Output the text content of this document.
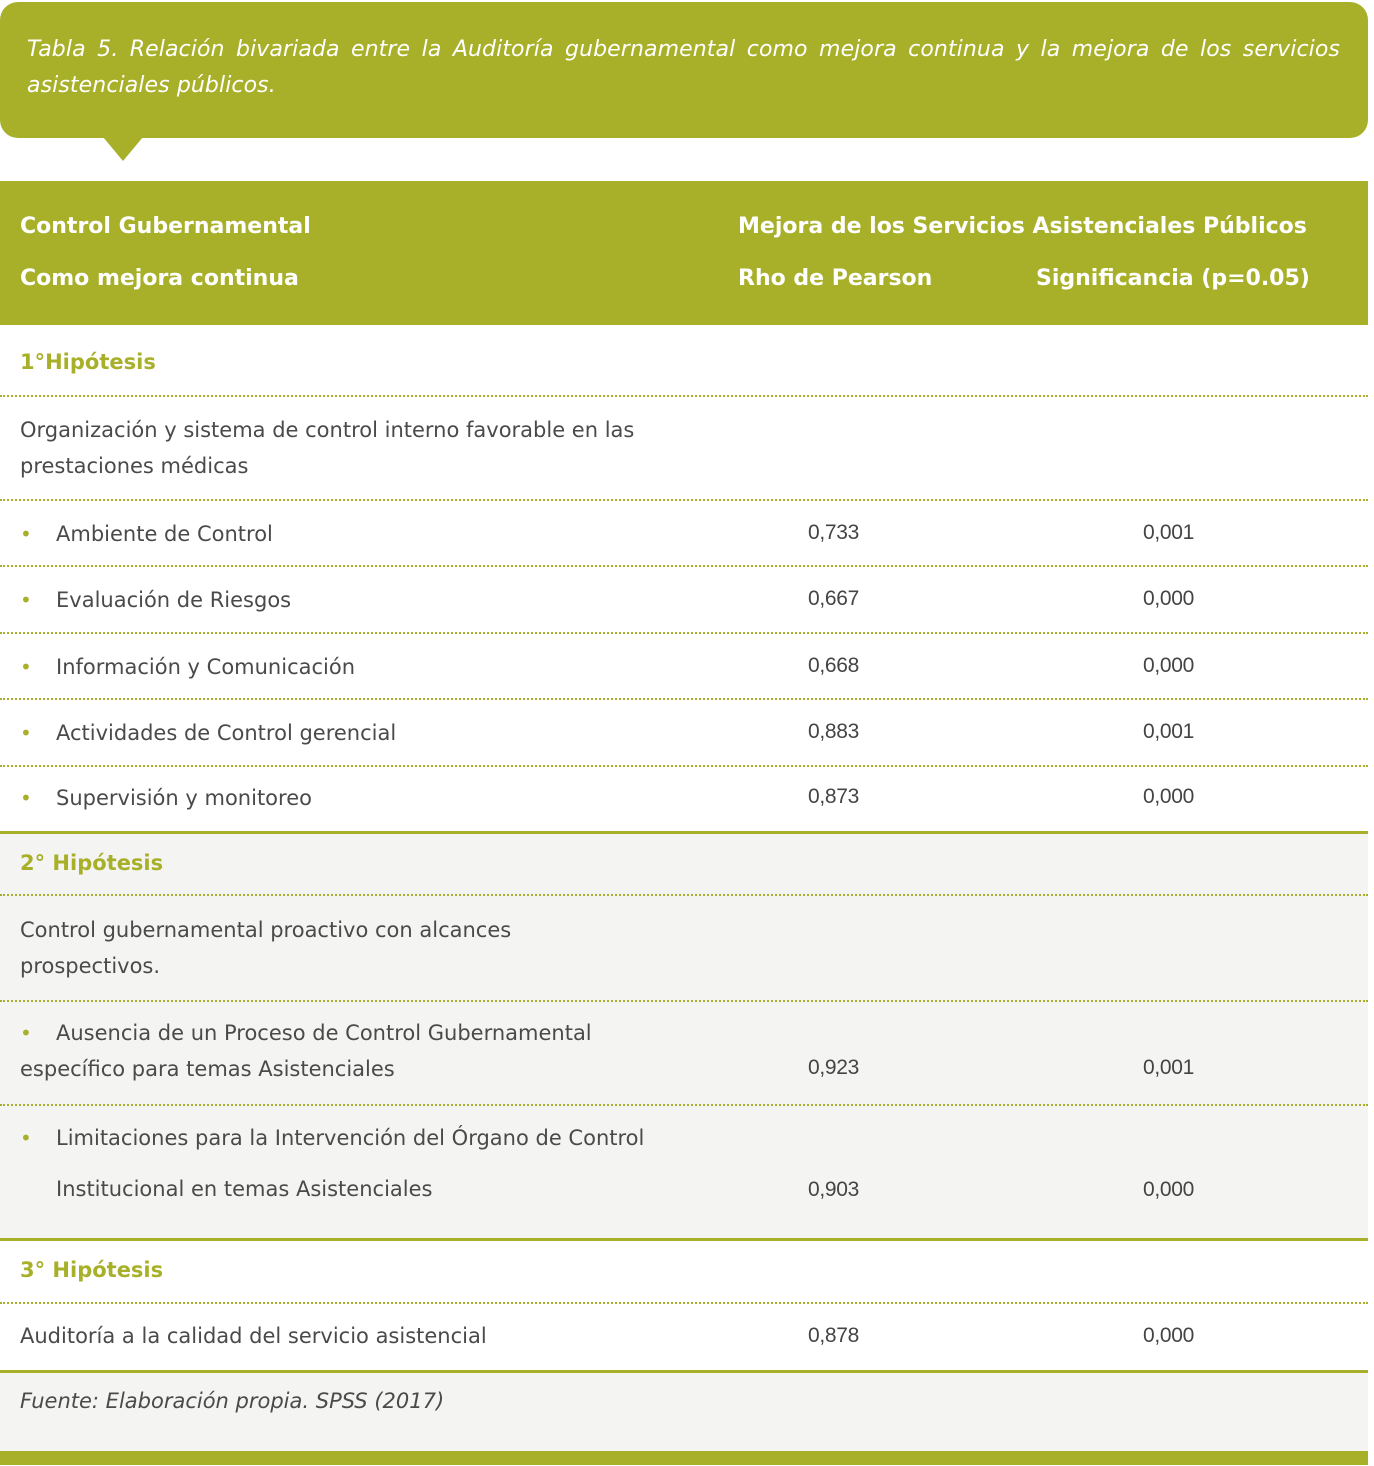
Tabla 5. Relación bivariada entre la Auditoría gubernamental como mejora continua y la mejora de los servicios asistenciales públicos.

Control Gubernamental
Como mejora continua
Mejora de los Servicios Asistenciales Públicos
Rho de Pearson	Significancia (p=0.05)
1°Hipótesis
Organización y sistema de control interno favorable en las
prestaciones médicas
• Ambiente de Control	0,733	0,001
• Evaluación de Riesgos	0,667	0,000
• Información y Comunicación	0,668	0,000
• Actividades de Control gerencial	0,883	0,001
• Supervisión y monitoreo	0,873	0,000
2° Hipótesis
Control gubernamental proactivo con alcances
prospectivos.
• Ausencia de un Proceso de Control Gubernamental
específico para temas Asistenciales	0,923	0,001
• Limitaciones para la Intervención del Órgano de Control
Institucional en temas Asistenciales	0,903	0,000
3° Hipótesis
Auditoría a la calidad del servicio asistencial	0,878	0,000
Fuente: Elaboración propia. SPSS (2017)
